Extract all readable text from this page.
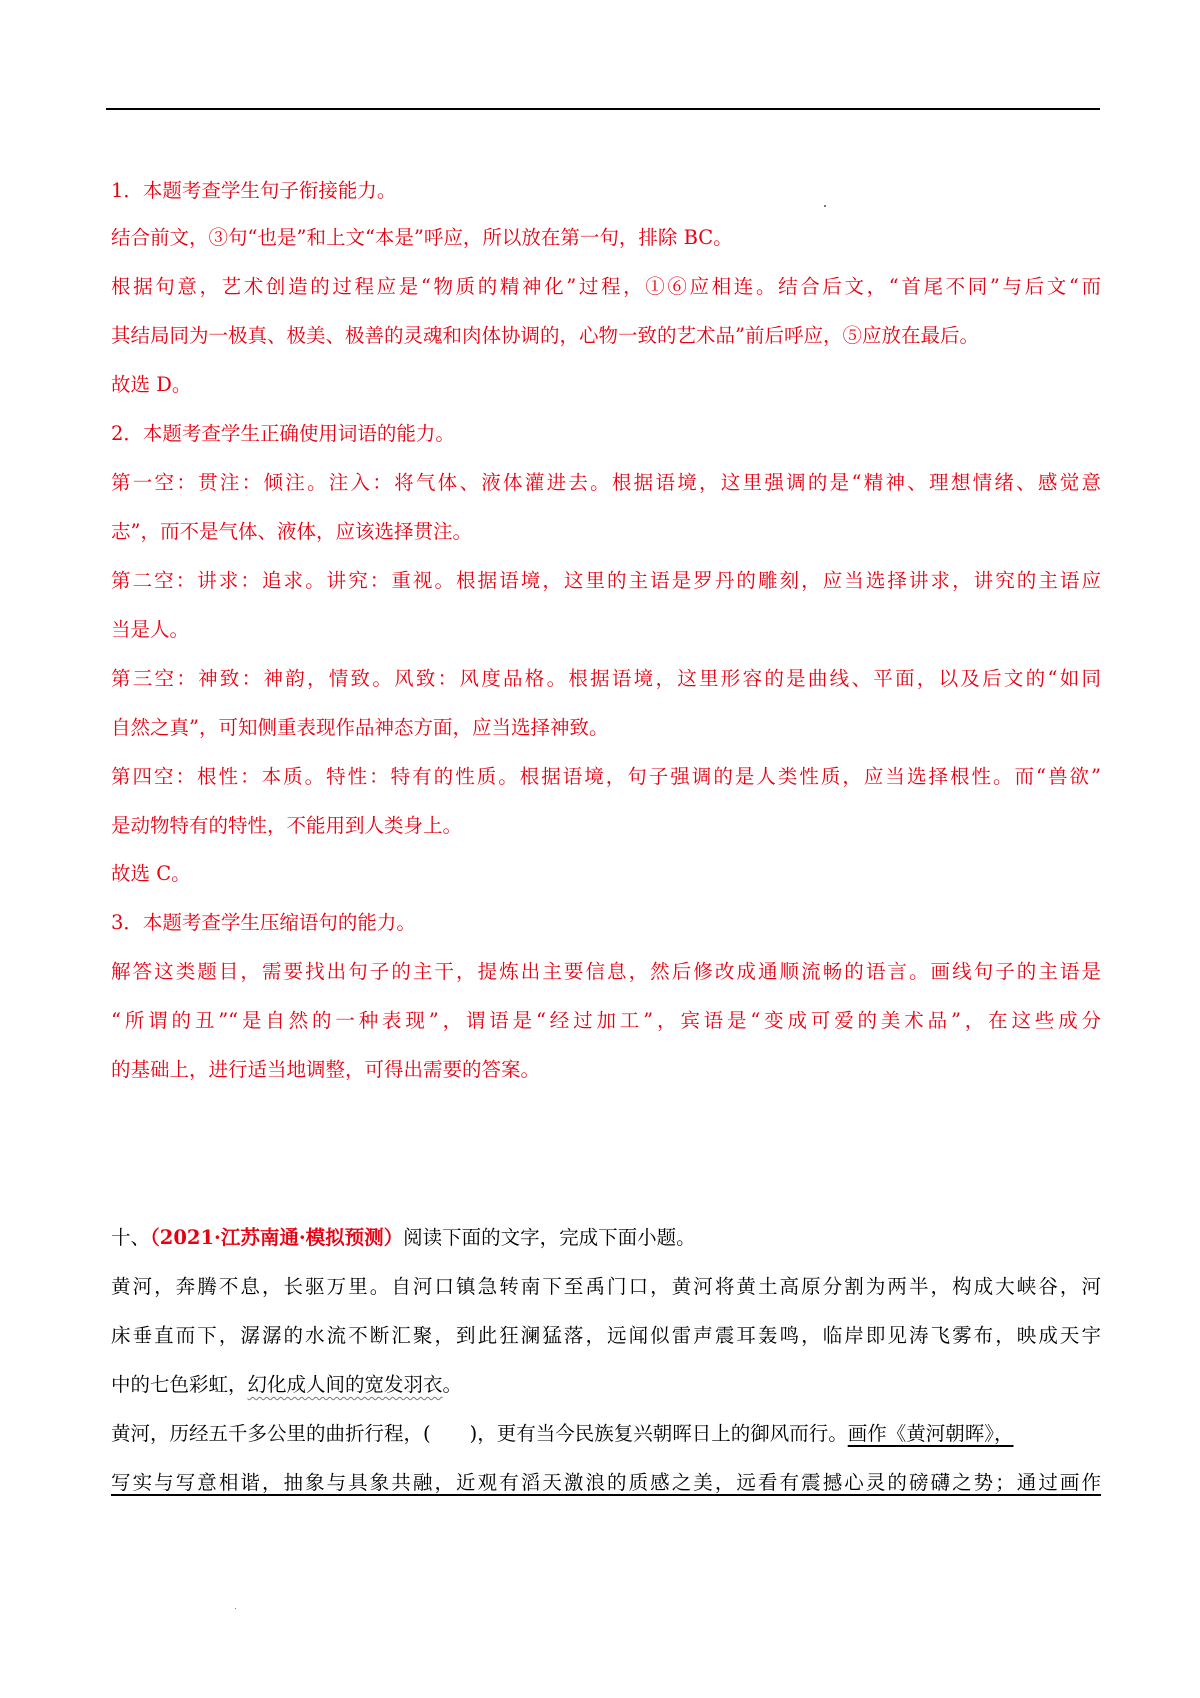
1．本题考查学生句子衔接能力。
结合前文，③句“也是”和上文“本是”呼应，所以放在第一句，排除 BC。
根据句意，艺术创造的过程应是“物质的精神化”过程，①⑥应相连。结合后文，“首尾不同”与后文“而
其结局同为一极真、极美、极善的灵魂和肉体协调的，心物一致的艺术品”前后呼应，⑤应放在最后。
故选 D。
2．本题考查学生正确使用词语的能力。
第一空：贯注：倾注。注入：将气体、液体灌进去。根据语境，这里强调的是“精神、理想情绪、感觉意
志”，而不是气体、液体，应该选择贯注。
第二空：讲求：追求。讲究：重视。根据语境，这里的主语是罗丹的雕刻，应当选择讲求，讲究的主语应
当是人。
第三空：神致：神韵，情致。风致：风度品格。根据语境，这里形容的是曲线、平面，以及后文的“如同
自然之真”，可知侧重表现作品神态方面，应当选择神致。
第四空：根性：本质。特性：特有的性质。根据语境，句子强调的是人类性质，应当选择根性。而“兽欲”
是动物特有的特性，不能用到人类身上。
故选 C。
3．本题考查学生压缩语句的能力。
解答这类题目，需要找出句子的主干，提炼出主要信息，然后修改成通顺流畅的语言。画线句子的主语是
“所谓的丑”“是自然的一种表现”，谓语是“经过加工”，宾语是“变成可爱的美术品”，在这些成分
的基础上，进行适当地调整，可得出需要的答案。
十、（2021·江苏南通·模拟预测）阅读下面的文字，完成下面小题。
黄河，奔腾不息，长驱万里。自河口镇急转南下至禹门口，黄河将黄土高原分割为两半，构成大峡谷，河
床垂直而下，潺潺的水流不断汇聚，到此狂澜猛落，远闻似雷声震耳轰鸣，临岸即见涛飞雾布，映成天宇
中的七色彩虹，幻化成人间的宽发羽衣。
黄河，历经五千多公里的曲折行程，(　　)，更有当今民族复兴朝晖日上的御风而行。画作《黄河朝晖》，
写实与写意相谐，抽象与具象共融，近观有滔天激浪的质感之美，远看有震撼心灵的磅礴之势；通过画作
